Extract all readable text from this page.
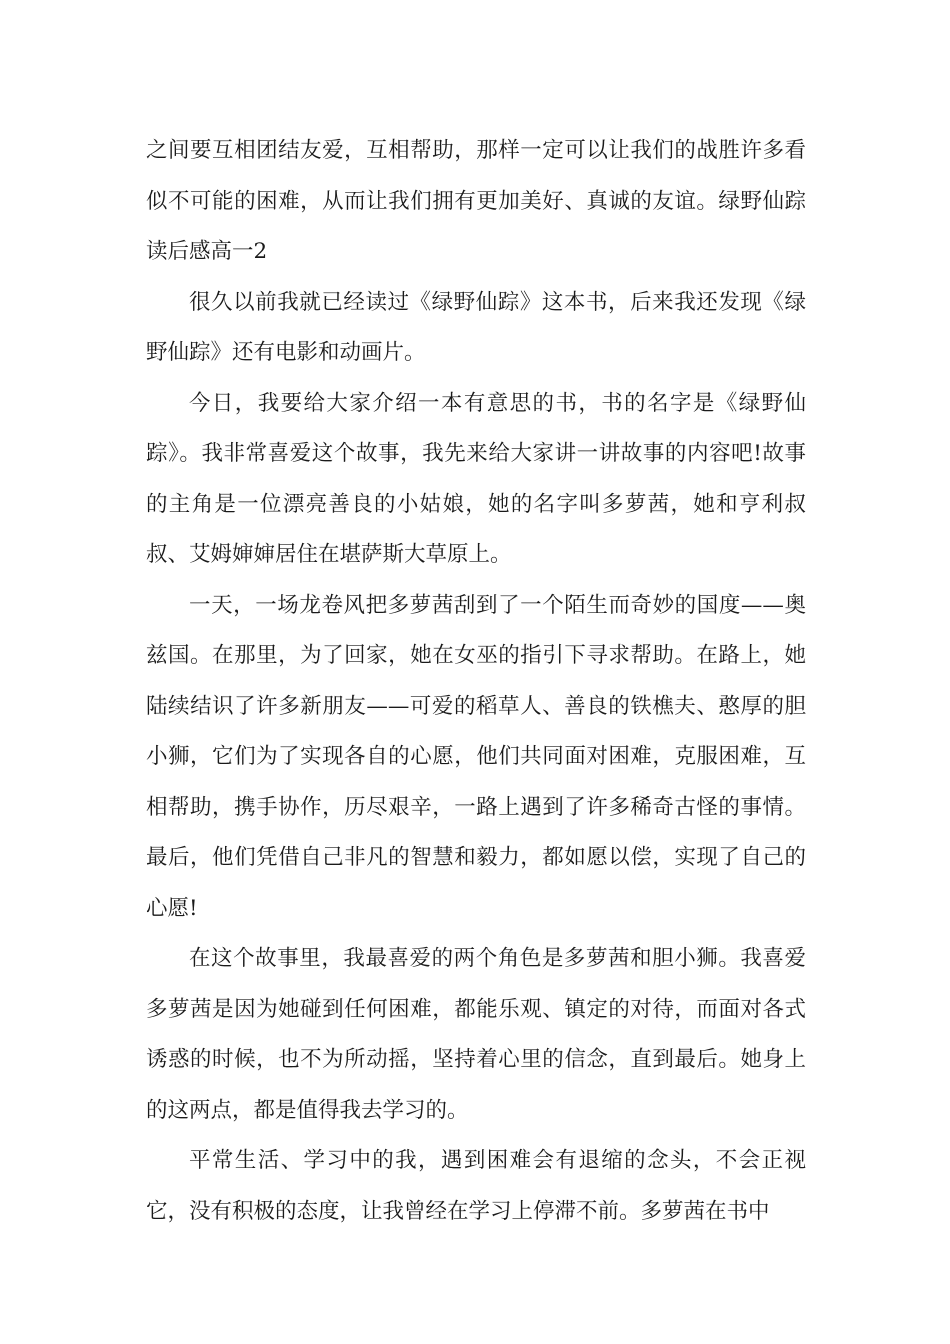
之间要互相团结友爱，互相帮助，那样一定可以让我们的战胜许多看似不可能的困难，从而让我们拥有更加美好、真诚的友谊。绿野仙踪读后感高一2

很久以前我就已经读过《绿野仙踪》这本书，后来我还发现《绿野仙踪》还有电影和动画片。

今日，我要给大家介绍一本有意思的书，书的名字是《绿野仙踪》。我非常喜爱这个故事，我先来给大家讲一讲故事的内容吧!故事的主角是一位漂亮善良的小姑娘，她的名字叫多萝茜，她和亨利叔叔、艾姆婶婶居住在堪萨斯大草原上。

一天，一场龙卷风把多萝茜刮到了一个陌生而奇妙的国度——奥兹国。在那里，为了回家，她在女巫的指引下寻求帮助。在路上，她陆续结识了许多新朋友——可爱的稻草人、善良的铁樵夫、憨厚的胆小狮，它们为了实现各自的心愿，他们共同面对困难，克服困难，互相帮助，携手协作，历尽艰辛，一路上遇到了许多稀奇古怪的事情。最后，他们凭借自己非凡的智慧和毅力，都如愿以偿，实现了自己的心愿!

在这个故事里，我最喜爱的两个角色是多萝茜和胆小狮。我喜爱多萝茜是因为她碰到任何困难，都能乐观、镇定的对待，而面对各式诱惑的时候，也不为所动摇，坚持着心里的信念，直到最后。她身上的这两点，都是值得我去学习的。

平常生活、学习中的我，遇到困难会有退缩的念头，不会正视它，没有积极的态度，让我曾经在学习上停滞不前。多萝茜在书中
